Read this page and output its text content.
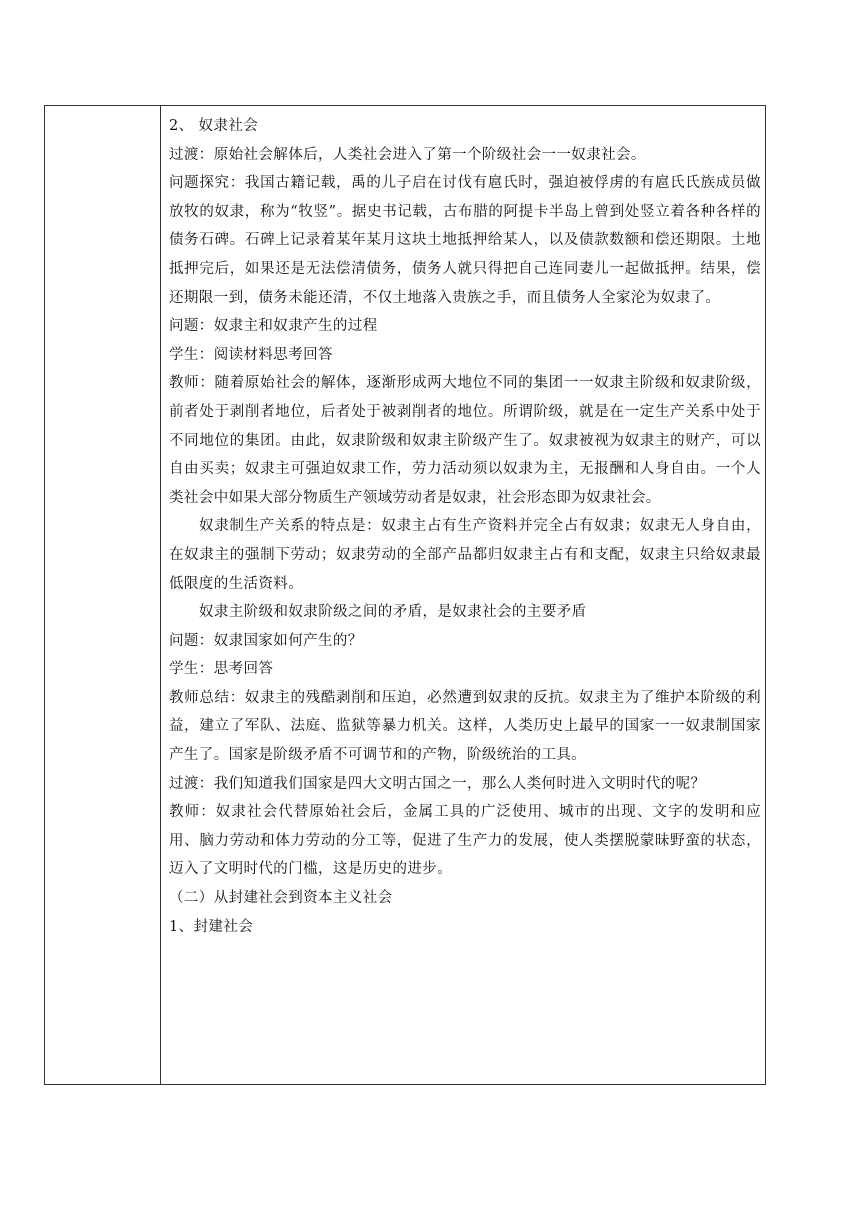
2、 奴隶社会

过渡：原始社会解体后，人类社会进入了第一个阶级社会一一奴隶社会。

问题探究：我国古籍记载，禹的儿子启在讨伐有扈氏时，强迫被俘虏的有扈氏氏族成员做放牧的奴隶，称为“牧竖”。据史书记载，古布腊的阿提卡半岛上曾到处竖立着各种各样的债务石碑。石碑上记录着某年某月这块土地抵押给某人，以及债款数额和偿还期限。土地抵押完后，如果还是无法偿清债务，债务人就只得把自己连同妻儿一起做抵押。结果，偿还期限一到，债务未能还清，不仅土地落入贵族之手，而且债务人全家沦为奴隶了。

问题：奴隶主和奴隶产生的过程

学生：阅读材料思考回答

教师：随着原始社会的解体，逐渐形成两大地位不同的集团一一奴隶主阶级和奴隶阶级，前者处于剥削者地位，后者处于被剥削者的地位。所谓阶级，就是在一定生产关系中处于不同地位的集团。由此，奴隶阶级和奴隶主阶级产生了。奴隶被视为奴隶主的财产，可以自由买卖；奴隶主可强迫奴隶工作，劳力活动须以奴隶为主，无报酬和人身自由。一个人类社会中如果大部分物质生产领域劳动者是奴隶，社会形态即为奴隶社会。

奴隶制生产关系的特点是：奴隶主占有生产资料并完全占有奴隶；奴隶无人身自由，在奴隶主的强制下劳动；奴隶劳动的全部产品都归奴隶主占有和支配，奴隶主只给奴隶最低限度的生活资料。

奴隶主阶级和奴隶阶级之间的矛盾，是奴隶社会的主要矛盾

问题：奴隶国家如何产生的？

学生：思考回答

教师总结：奴隶主的残酷剥削和压迫，必然遭到奴隶的反抗。奴隶主为了维护本阶级的利益，建立了军队、法庭、监狱等暴力机关。这样，人类历史上最早的国家一一奴隶制国家产生了。国家是阶级矛盾不可调节和的产物，阶级统治的工具。

过渡：我们知道我们国家是四大文明古国之一，那么人类何时进入文明时代的呢？

教师：奴隶社会代替原始社会后，金属工具的广泛使用、城市的出现、文字的发明和应用、脑力劳动和体力劳动的分工等，促进了生产力的发展，使人类摆脱蒙昧野蛮的状态，迈入了文明时代的门槛，这是历史的进步。

（二）从封建社会到资本主义社会

1、封建社会
